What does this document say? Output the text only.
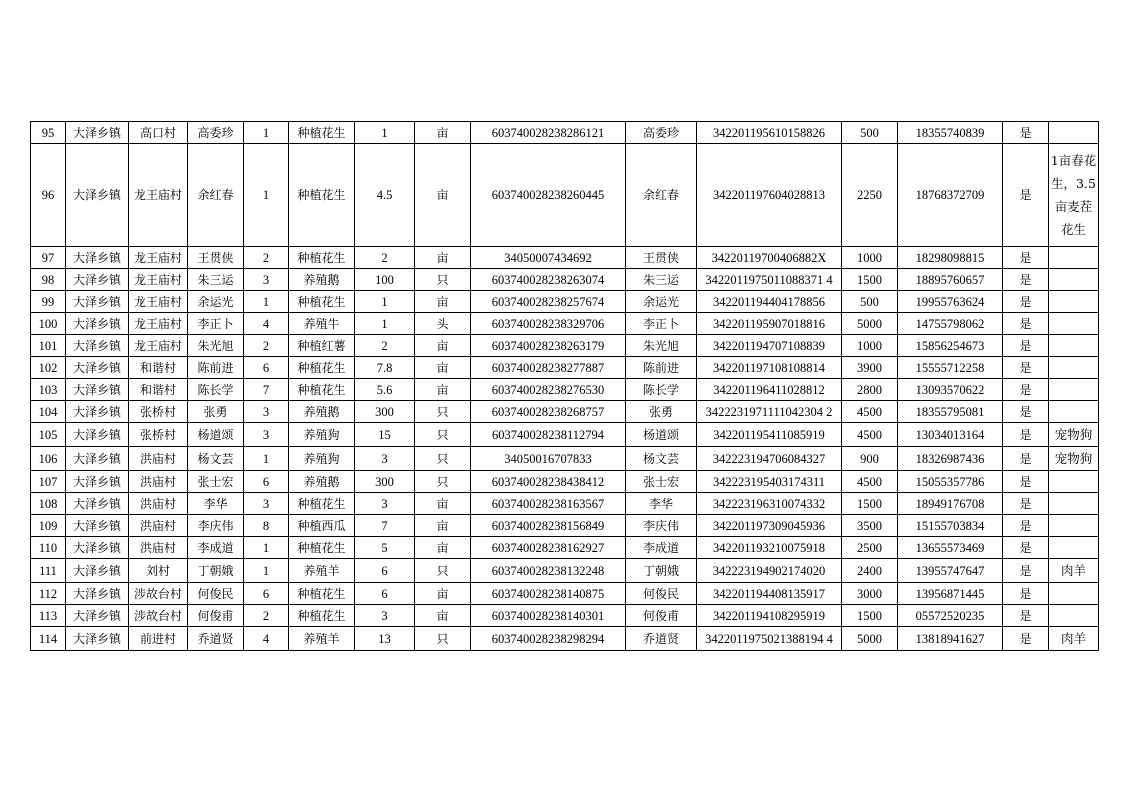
95	大泽乡镇	高口村	高委珍	1	种植花生	1	亩	603740028238286121	高委珍	342201195610158826	500	18355740839	是	
96	大泽乡镇	龙王庙村	余红春	1	种植花生	4.5	亩	603740028238260445	余红春	342201197604028813	2250	18768372709	是	1亩春花生，3.5亩麦茬花生
97	大泽乡镇	龙王庙村	王贯侠	2	种植花生	2	亩	34050007434692	王贯侠	34220119700406882X	1000	18298098815	是	
98	大泽乡镇	龙王庙村	朱三运	3	养殖鹅	100	只	603740028238263074	朱三运	3422011975011088371 4	1500	18895760657	是	
99	大泽乡镇	龙王庙村	余运光	1	种植花生	1	亩	603740028238257674	余运光	342201194404178856	500	19955763624	是	
100	大泽乡镇	龙王庙村	李正卜	4	养殖牛	1	头	603740028238329706	李正卜	342201195907018816	5000	14755798062	是	
101	大泽乡镇	龙王庙村	朱光旭	2	种植红薯	2	亩	603740028238263179	朱光旭	342201194707108839	1000	15856254673	是	
102	大泽乡镇	和谐村	陈前进	6	种植花生	7.8	亩	603740028238277887	陈前进	342201197108108814	3900	15555712258	是	
103	大泽乡镇	和谐村	陈长学	7	种植花生	5.6	亩	603740028238276530	陈长学	342201196411028812	2800	13093570622	是	
104	大泽乡镇	张桥村	张勇	3	养殖鹅	300	只	603740028238268757	张勇	3422231971111042304 2	4500	18355795081	是	
105	大泽乡镇	张桥村	杨道颂	3	养殖狗	15	只	603740028238112794	杨道颂	342201195411085919	4500	13034013164	是	宠物狗
106	大泽乡镇	洪庙村	杨文芸	1	养殖狗	3	只	34050016707833	杨文芸	342223194706084327	900	18326987436	是	宠物狗
107	大泽乡镇	洪庙村	张士宏	6	养殖鹅	300	只	603740028238438412	张士宏	342223195403174311	4500	15055357786	是	
108	大泽乡镇	洪庙村	李华	3	种植花生	3	亩	603740028238163567	李华	342223196310074332	1500	18949176708	是	
109	大泽乡镇	洪庙村	李庆伟	8	种植西瓜	7	亩	603740028238156849	李庆伟	342201197309045936	3500	15155703834	是	
110	大泽乡镇	洪庙村	李成道	1	种植花生	5	亩	603740028238162927	李成道	342201193210075918	2500	13655573469	是	
111	大泽乡镇	刘村	丁朝娥	1	养殖羊	6	只	603740028238132248	丁朝娥	342223194902174020	2400	13955747647	是	肉羊
112	大泽乡镇	涉故台村	何俊民	6	种植花生	6	亩	603740028238140875	何俊民	342201194408135917	3000	13956871445	是	
113	大泽乡镇	涉故台村	何俊甫	2	种植花生	3	亩	603740028238140301	何俊甫	342201194108295919	1500	05572520235	是	
114	大泽乡镇	前进村	乔道贤	4	养殖羊	13	只	603740028238298294	乔道贤	3422011975021388194 4	5000	13818941627	是	肉羊
